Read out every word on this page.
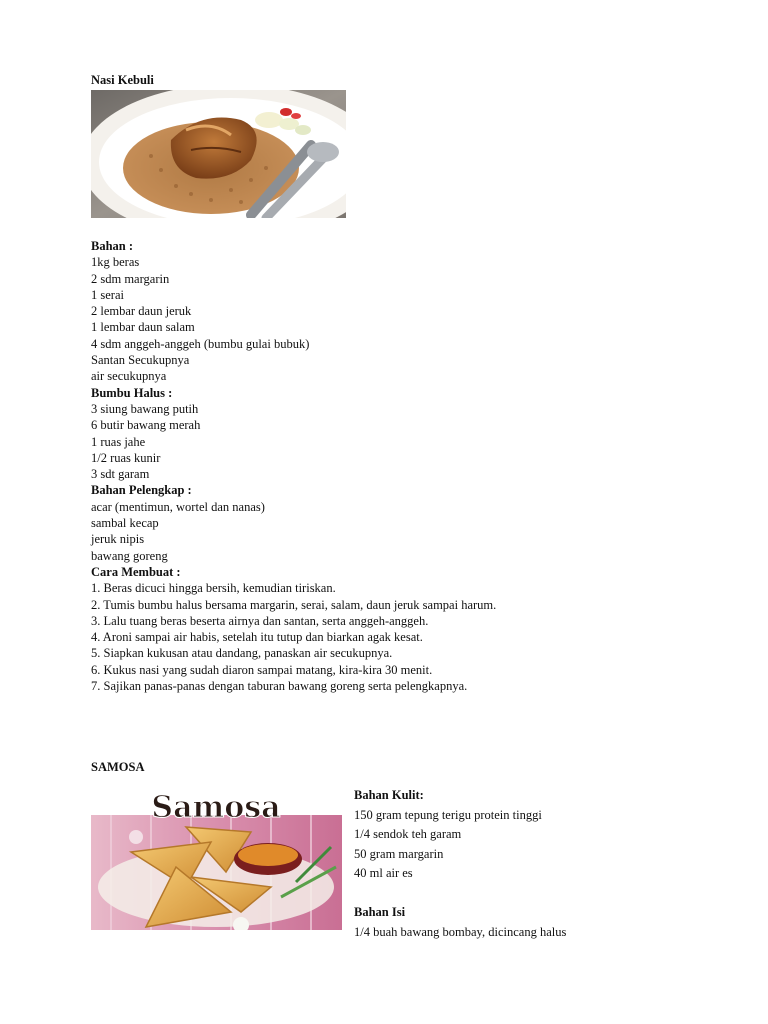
Nasi Kebuli
Bahan :
1kg beras
2 sdm margarin
1 serai
2 lembar daun jeruk
1 lembar daun salam
4 sdm anggeh-anggeh (bumbu gulai bubuk)
Santan Secukupnya
air secukupnya
Bumbu Halus :
3 siung bawang putih
6 butir bawang merah
1 ruas jahe
1/2 ruas kunir
3 sdt garam
Bahan Pelengkap :
acar (mentimun, wortel dan nanas)
sambal kecap
jeruk nipis
bawang goreng
Cara Membuat :
1. Beras dicuci hingga bersih, kemudian tiriskan.
2. Tumis bumbu halus bersama margarin, serai, salam, daun jeruk sampai harum.
3. Lalu tuang beras beserta airnya dan santan, serta anggeh-anggeh.
4. Aroni sampai air habis, setelah itu tutup dan biarkan agak kesat.
5. Siapkan kukusan atau dandang, panaskan air secukupnya.
6. Kukus nasi yang sudah diaron sampai matang, kira-kira 30 menit.
7. Sajikan panas-panas dengan taburan bawang goreng serta pelengkapnya.
SAMOSA
Samosa	Bahan Kulit:
150 gram tepung terigu protein tinggi
1/4 sendok teh garam
50 gram margarin
40 ml air es
Bahan Isi
1/4 buah bawang bombay, dicincang halus
